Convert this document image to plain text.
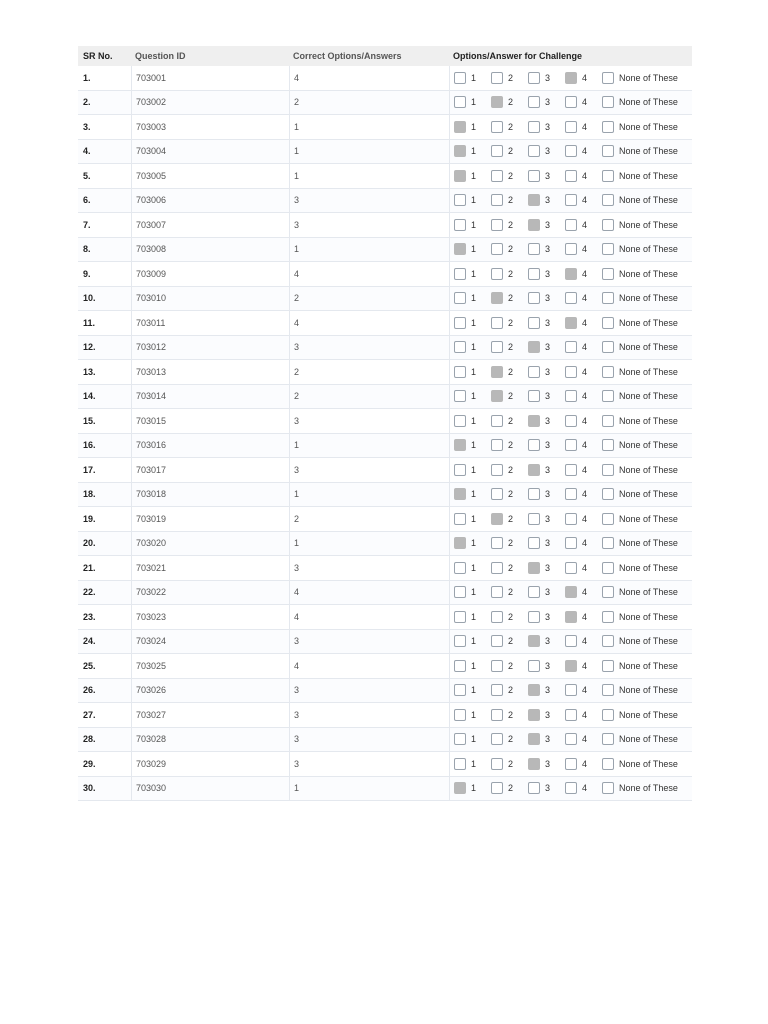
SR No.	Question ID	Correct Options/Answers	Options/Answer for Challenge
1.	703001	4	1	2	3	4	None of These
2.	703002	2	1	2	3	4	None of These
3.	703003	1	1	2	3	4	None of These
4.	703004	1	1	2	3	4	None of These
5.	703005	1	1	2	3	4	None of These
6.	703006	3	1	2	3	4	None of These
7.	703007	3	1	2	3	4	None of These
8.	703008	1	1	2	3	4	None of These
9.	703009	4	1	2	3	4	None of These
10.	703010	2	1	2	3	4	None of These
11.	703011	4	1	2	3	4	None of These
12.	703012	3	1	2	3	4	None of These
13.	703013	2	1	2	3	4	None of These
14.	703014	2	1	2	3	4	None of These
15.	703015	3	1	2	3	4	None of These
16.	703016	1	1	2	3	4	None of These
17.	703017	3	1	2	3	4	None of These
18.	703018	1	1	2	3	4	None of These
19.	703019	2	1	2	3	4	None of These
20.	703020	1	1	2	3	4	None of These
21.	703021	3	1	2	3	4	None of These
22.	703022	4	1	2	3	4	None of These
23.	703023	4	1	2	3	4	None of These
24.	703024	3	1	2	3	4	None of These
25.	703025	4	1	2	3	4	None of These
26.	703026	3	1	2	3	4	None of These
27.	703027	3	1	2	3	4	None of These
28.	703028	3	1	2	3	4	None of These
29.	703029	3	1	2	3	4	None of These
30.	703030	1	1	2	3	4	None of These
